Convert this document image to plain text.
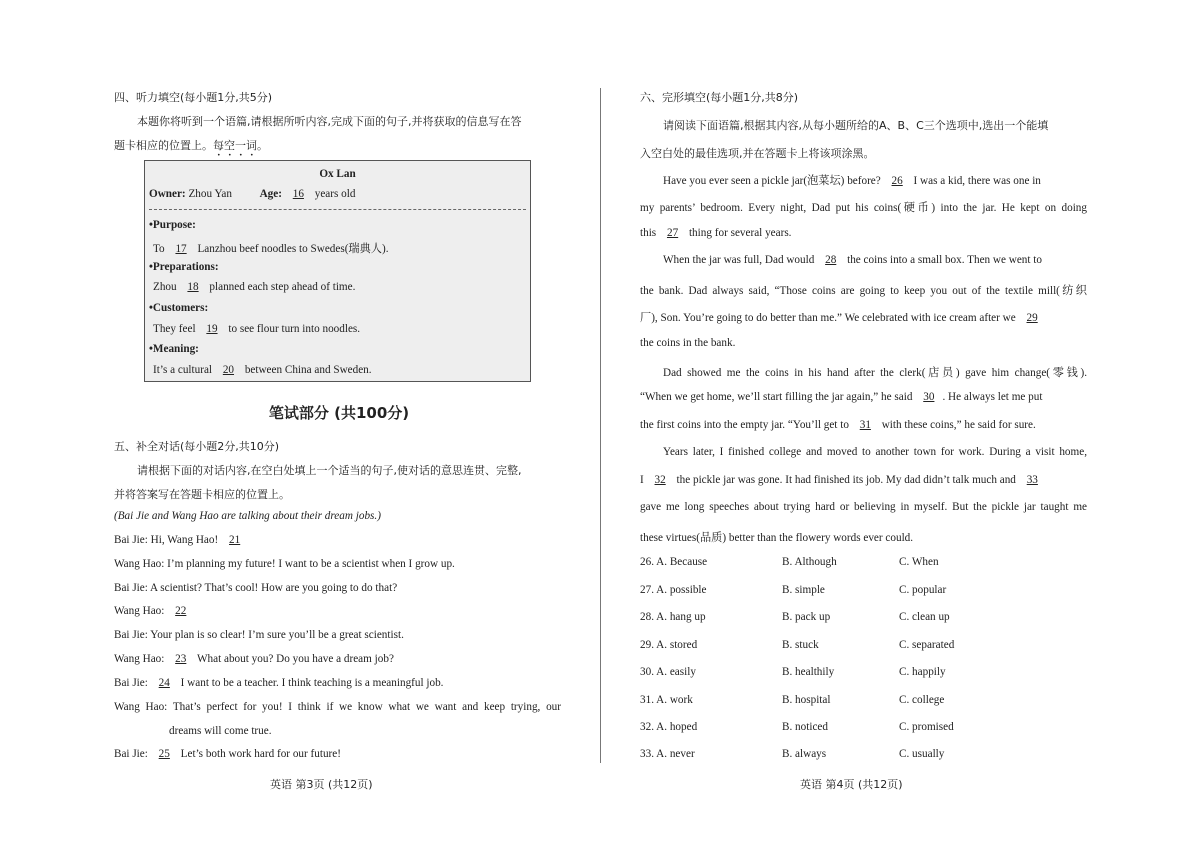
四、听力填空(每小题1分,共5分)
本题你将听到一个语篇,请根据所听内容,完成下面的句子,并将获取的信息写在答
题卡相应的位置上。每空一词。
Ox Lan
Owner: Zhou Yan Age: 16 years old
•Purpose:
To 17 Lanzhou beef noodles to Swedes(瑞典人).
•Preparations:
Zhou 18 planned each step ahead of time.
•Customers:
They feel 19 to see flour turn into noodles.
•Meaning:
It’s a cultural 20 between China and Sweden.
笔试部分 (共100分)
五、补全对话(每小题2分,共10分)
请根据下面的对话内容,在空白处填上一个适当的句子,使对话的意思连贯、完整,
并将答案写在答题卡相应的位置上。
(Bai Jie and Wang Hao are talking about their dream jobs.)
Bai Jie: Hi, Wang Hao! 21
Wang Hao: I’m planning my future! I want to be a scientist when I grow up.
Bai Jie: A scientist? That’s cool! How are you going to do that?
Wang Hao: 22
Bai Jie: Your plan is so clear! I’m sure you’ll be a great scientist.
Wang Hao: 23 What about you? Do you have a dream job?
Bai Jie: 24 I want to be a teacher. I think teaching is a meaningful job.
Wang Hao: That’s perfect for you! I think if we know what we want and keep trying, our
dreams will come true.
Bai Jie: 25 Let’s both work hard for our future!
英语 第3页 (共12页)
六、完形填空(每小题1分,共8分)
请阅读下面语篇,根据其内容,从每小题所给的A、B、C三个选项中,选出一个能填
入空白处的最佳选项,并在答题卡上将该项涂黑。
Have you ever seen a pickle jar(泡菜坛) before? 26 I was a kid, there was one in
my parents’ bedroom. Every night, Dad put his coins(硬币) into the jar. He kept on doing
this 27 thing for several years.
When the jar was full, Dad would 28 the coins into a small box. Then we went to
the bank. Dad always said, “Those coins are going to keep you out of the textile mill(纺织
厂), Son. You’re going to do better than me.” We celebrated with ice cream after we 29
the coins in the bank.
Dad showed me the coins in his hand after the clerk(店员) gave him change(零钱).
“When we get home, we’ll start filling the jar again,” he said 30 . He always let me put
the first coins into the empty jar. “You’ll get to 31 with these coins,” he said for sure.
Years later, I finished college and moved to another town for work. During a visit home,
I 32 the pickle jar was gone. It had finished its job. My dad didn’t talk much and 33
gave me long speeches about trying hard or believing in myself. But the pickle jar taught me
these virtues(品质) better than the flowery words ever could.
26. A. Because	B. Although	C. When
27. A. possible	B. simple	C. popular
28. A. hang up	B. pack up	C. clean up
29. A. stored	B. stuck	C. separated
30. A. easily	B. healthily	C. happily
31. A. work	B. hospital	C. college
32. A. hoped	B. noticed	C. promised
33. A. never	B. always	C. usually
英语 第4页 (共12页)
